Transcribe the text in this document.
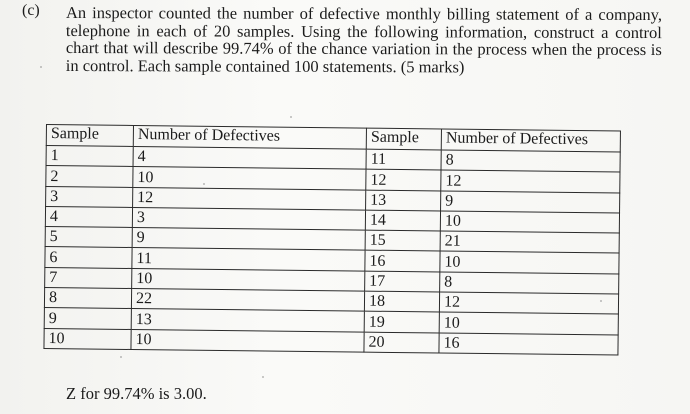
(c) An inspector counted the number of defective monthly billing statement of a company, telephone in each of 20 samples. Using the following information, construct a control chart that will describe 99.74% of the chance variation in the process when the process is in control. Each sample contained 100 statements. (5 marks)
Sample	Number of Defectives	Sample	Number of Defectives
1	4	11	8
2	10	12	12
3	12	13	9
4	3	14	10
5	9	15	21
6	11	16	10
7	10	17	8
8	22	18	12
9	13	19	10
10	10	20	16
Z for 99.74% is 3.00.
